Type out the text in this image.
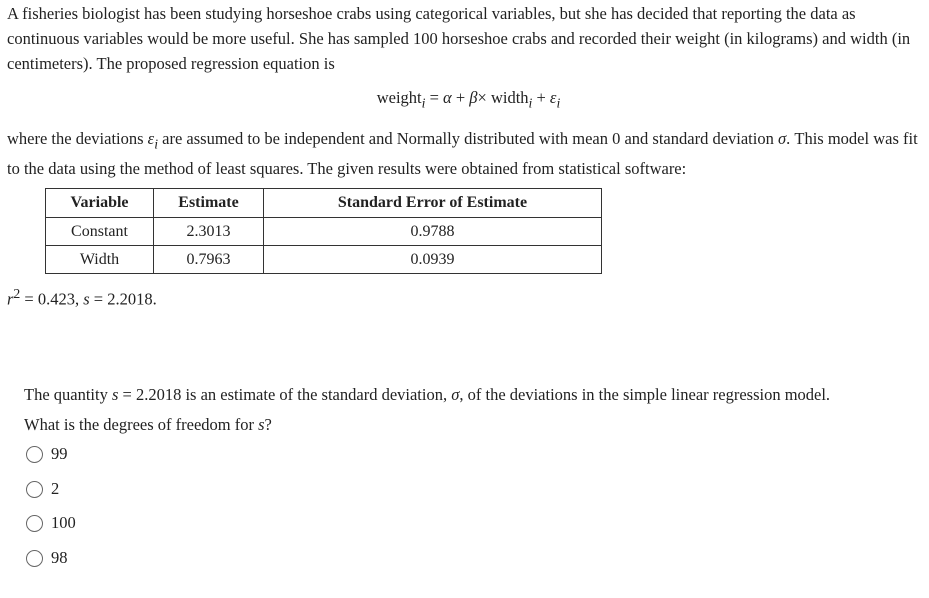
A fisheries biologist has been studying horseshoe crabs using categorical variables, but she has decided that reporting the data as continuous variables would be more useful. She has sampled 100 horseshoe crabs and recorded their weight (in kilograms) and width (in centimeters). The proposed regression equation is
weight$_i$ = α + β× width$_i$ + $\varepsilon_i$
where the deviations $\varepsilon_i$ are assumed to be independent and Normally distributed with mean 0 and standard deviation σ. This model was fit to the data using the method of least squares. The given results were obtained from statistical software:
Variable	Estimate	Standard Error of Estimate
Constant	2.3013	0.9788
Width	0.7963	0.0939
$r^2 = 0.423$, s = 2.2018.
The quantity s = 2.2018 is an estimate of the standard deviation, σ, of the deviations in the simple linear regression model.
What is the degrees of freedom for s?
99
2
100
98
